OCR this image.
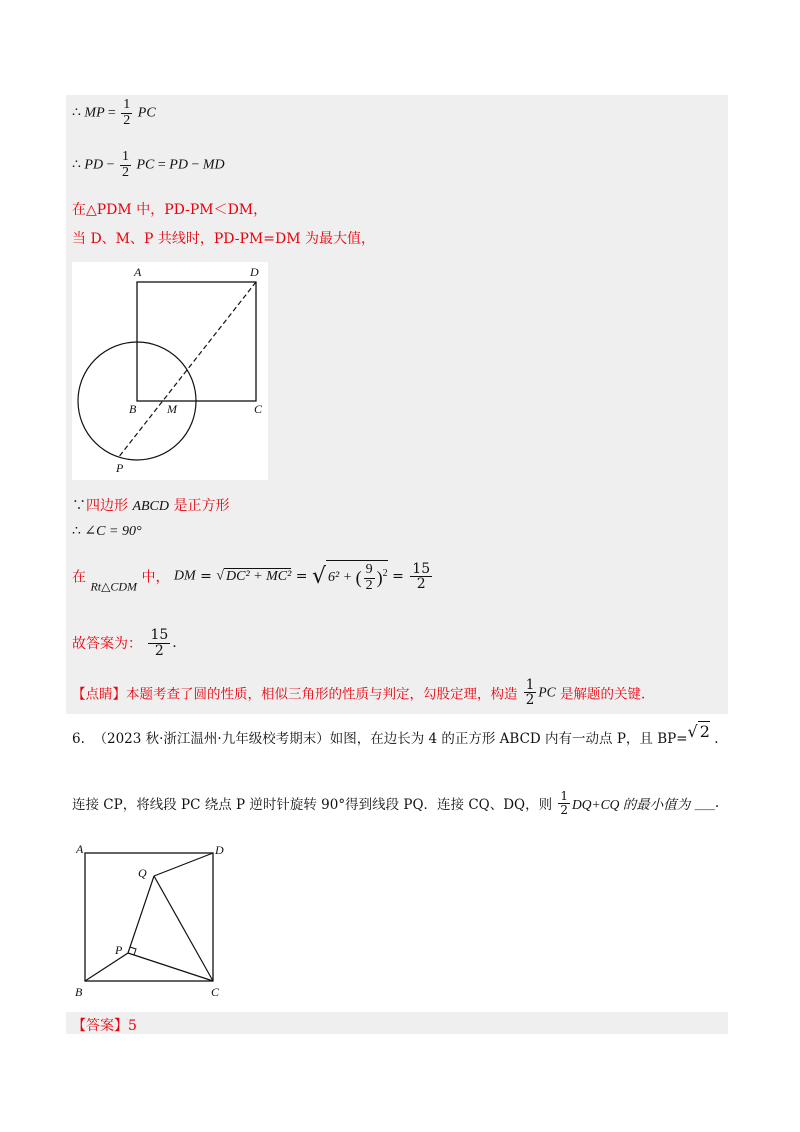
∴ MP = $\frac{1}{2}$ PC
∴ PD − $\frac{1}{2}$ PC = PD − MD
在△PDM 中，PD-PM＜DM，
当 D、M、P 共线时，PD-PM=DM 为最大值，
A	D
B	M	C
P
∵四边形 ABCD 是正方形
∴ ∠C = 90°
在 Rt△CDM 中， DM = √ DC² + MC² = √ 6² + ( $\frac{9}{2} )^2 = \frac{15}{2}$
故答案为： $\frac{15}{2}$ .
【点睛】本题考查了圆的性质，相似三角形的性质与判定，勾股定理，构造 $\frac{1}{2}$ PC 是解题的关键.
6. （2023 秋·浙江温州·九年级校考期末）如图，在边长为 4 的正方形 ABCD 内有一动点 P，且 BP=√ 2 .
连接 CP，将线段 PC 绕点 P 逆时针旋转 90°得到线段 PQ．连接 CQ、DQ，则 $\frac{1}{2} DQ+CQ$ 的最小值为 ___.
A	D
Q
P
B	C
【答案】5
